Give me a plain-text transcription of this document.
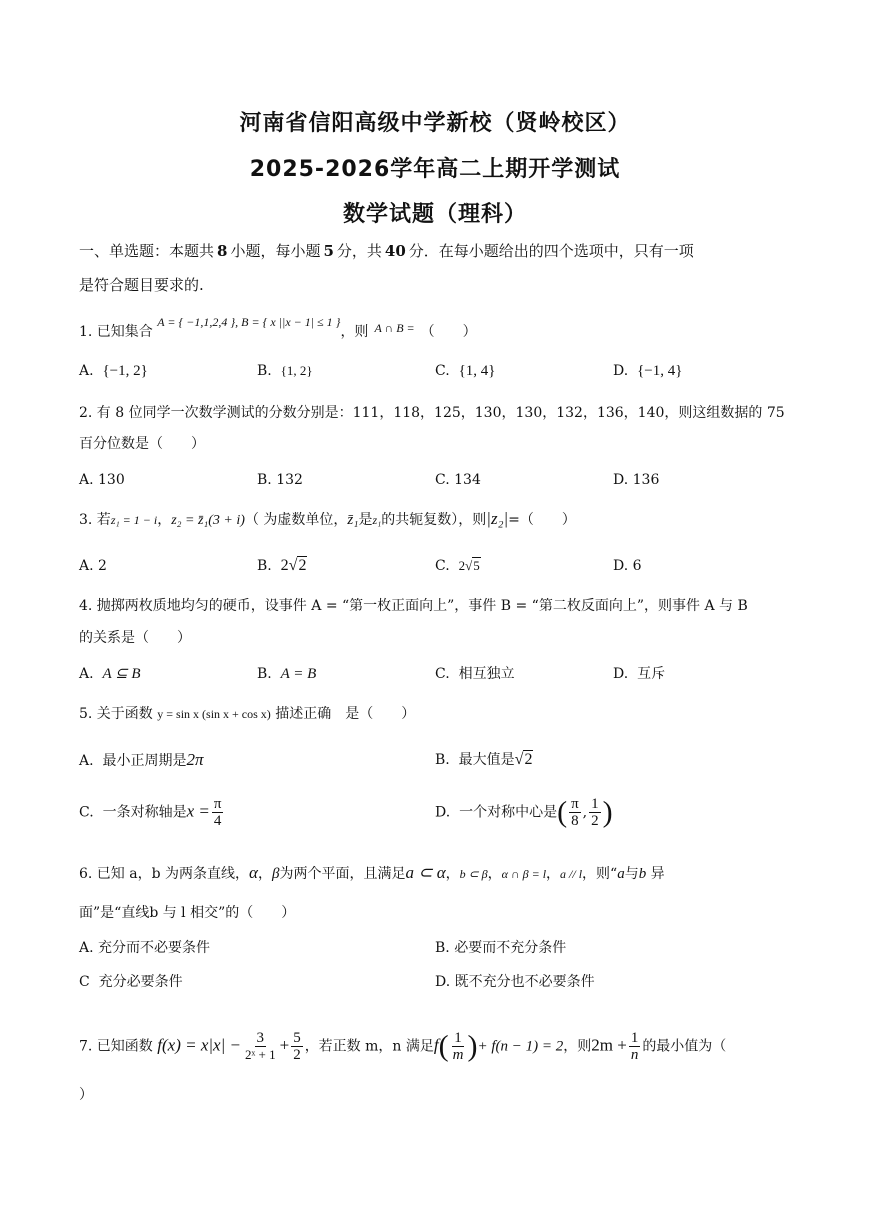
河南省信阳高级中学新校（贤岭校区）
2025-2026学年高二上期开学测试
数学试题（理科）
一、单选题：本题共 8 小题，每小题 5 分，共 40 分．在每小题给出的四个选项中，只有一项
是符合题目要求的.
1. 已知集合 A = { −1,1,2,4 }, B = { x ||x − 1| ≤ 1 }，则 A ∩ B = （　　）
A. {−1, 2}	B. {1, 2}	C. {1, 4}	D. {−1, 4}
2. 有 8 位同学一次数学测试的分数分别是：111，118，125，130，130，132，136，140，则这组数据的 75
百分位数是（　　）
A. 130	B. 132	C. 134	D. 136
3. 若z₁ = 1 − i，z₂ = z̄₁(3 + i)（ 为虚数单位，z̄₁是z₁的共轭复数），则|z₂|=（　　）
A. 2	B. 2√2	C. 2√5	D. 6
4. 抛掷两枚质地均匀的硬币，设事件 A = “第一枚正面向上”，事件 B = “第二枚反面向上”，则事件 A 与 B
的关系是（　　）
A. A ⊆ B	B. A = B	C. 相互独立	D. 互斥
5. 关于函数 y = sin x (sin x + cos x) 描述正确　是（　　）
A. 最小正周期是2π	B. 最大值是√2
C. 一条对称轴是$x = \frac{\pi}{4}$	D. 一个对称中心是( $\frac{\pi}{8}$ , $\frac{1}{2}$ )
6. 已知 a，b 为两条直线，α，β为两个平面，且满足a ⊂ α，b ⊂ β，α ∩ β = l，a // l，则“a与b 异
面”是“直线b 与 l 相交”的（　　）
A. 充分而不必要条件	B. 必要而不充分条件
C 充分必要条件	D. 既不充分也不必要条件
7. 已知函数 $f(x) = x|x| - \frac{3}{\text{2ˣ + 1}} + \frac{5}{2}$ ，若正数 m，n 满足$f( \frac{1}{m}$ )+ f(n − 1) = 2，则$2m + \frac{1}{n}$ 的最小值为（
）
